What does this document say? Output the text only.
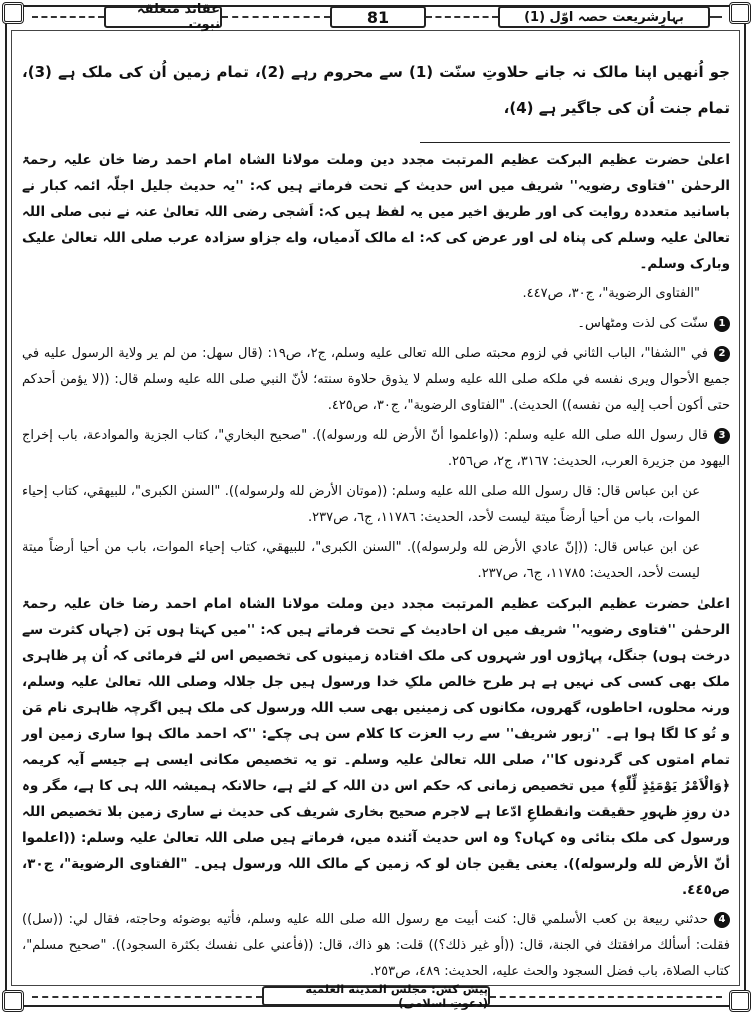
عقائد متعلقہ نبوت	81	بہارِشریعت حصہ اوّل (1)

جو اُنھیں اپنا مالک نہ جانے حلاوتِ سنّت (1) سے محروم رہے (2)، تمام زمین اُن کی ملک ہے (3)، تمام جنت اُن کی جاگیر ہے (4)،

اعلیٰ حضرت عظیم البرکت عظیم المرتبت مجدد دین وملت مولانا الشاہ امام احمد رضا خان علیہ رحمۃ الرحمٰن ''فتاوی رضویہ'' شریف میں اس حدیث کے تحت فرماتے ہیں کہ: ''یہ حدیث جلیل اجلّہ ائمہ کبار نے باسانید متعددہ روایت کی اور طریق اخیر میں یہ لفظ ہیں کہ: اَشجی رضی اللہ تعالیٰ عنہ نے نبی صلی اللہ تعالیٰ علیہ وسلم کی پناہ لی اور عرض کی کہ: اے مالک آدمیاں، واے جزاو سزادہ عرب صلی اللہ تعالیٰ علیک وبارک وسلم۔

"الفتاوى الرضوية"، ج٣٠، ص٤٤٧.

1سنّت کی لذت ومٹھاس۔

2في "الشفا"، الباب الثاني في لزوم محبته صلى الله تعالى عليه وسلم، ج٢، ص١٩: (قال سهل: من لم ير ولاية الرسول عليه في جميع الأحوال ويرى نفسه في ملكه صلى الله عليه وسلم لا يذوق حلاوة سنته؛ لأنّ النبي صلى الله عليه وسلم قال: ((لا يؤمن أحدكم حتى أكون أحب إليه من نفسه)) الحديث). "الفتاوى الرضوية"، ج٣٠، ص٤٢٥.

3قال رسول الله صلى الله عليه وسلم: ((واعلموا أنّ الأرض لله ورسوله)). "صحيح البخاري"، كتاب الجزية والموادعة، باب إخراج اليهود من جزيرة العرب، الحديث: ٣١٦٧، ج٢، ص٢٥٦.

عن ابن عباس قال: قال رسول الله صلى الله عليه وسلم: ((موتان الأرض لله ولرسوله)). "السنن الكبرى"، للبيهقي، كتاب إحياء الموات، باب من أحيا أرضاً ميتة ليست لأحد، الحديث: ١١٧٨٦، ج٦، ص٢٣٧.

عن ابن عباس قال: ((إنّ عادي الأرض لله ولرسوله)). "السنن الكبرى"، للبيهقي، كتاب إحياء الموات، باب من أحيا أرضاً ميتة ليست لأحد، الحديث: ١١٧٨٥، ج٦، ص٢٣٧.

اعلیٰ حضرت عظیم البرکت عظیم المرتبت مجدد دین وملت مولانا الشاہ امام احمد رضا خان علیہ رحمۃ الرحمٰن ''فتاوی رضویہ'' شریف میں ان احادیث کے تحت فرماتے ہیں کہ: ''میں کہتا ہوں بَن (جہاں کثرت سے درخت ہوں) جنگل، پہاڑوں اور شہروں کی ملک افتادہ زمینوں کی تخصیص اس لئے فرمائی کہ اُن پر ظاہری ملک بھی کسی کی نہیں ہے ہر طرح خالص ملکِ خدا ورسول ہیں جل جلالہ وصلی اللہ تعالیٰ علیہ وسلم، ورنہ محلوں، احاطوں، گھروں، مکانوں کی زمینیں بھی سب اللہ ورسول کی ملک ہیں اگرچہ ظاہری نام مَن و تُو کا لگا ہوا ہے۔ ''زبور شریف'' سے رب العزت کا کلام سن ہی چکے: ''کہ احمد مالک ہوا ساری زمین اور تمام امتوں کی گردنوں کا''، صلی اللہ تعالیٰ علیہ وسلم۔ تو یہ تخصیص مکانی ایسی ہے جیسے آیہ کریمہ ﴿وَالْاَمْرُ یَوْمَئِذٍ لِّلّٰهِ﴾ میں تخصیص زمانی کہ حکم اس دن اللہ کے لئے ہے، حالانکہ ہمیشہ اللہ ہی کا ہے، مگر وہ دن روزِ ظہورِ حقیقت وانقطاعِ ادّعا ہے لاجرم صحیح بخاری شریف کی حدیث نے ساری زمین بلا تخصیص اللہ ورسول کی ملک بتائی وہ کہاں؟ وہ اس حدیث آئندہ میں، فرماتے ہیں صلی اللہ تعالیٰ علیہ وسلم: ((اعلموا أنّ الأرض لله ولرسوله)). یعنی یقین جان لو کہ زمین کے مالک اللہ ورسول ہیں۔ "الفتاوى الرضوية"، ج٣٠، ص٤٤٥.

4حدثني ربيعة بن كعب الأسلمي قال: كنت أبيت مع رسول الله صلى الله عليه وسلم، فأتيه بوضوئه وحاجته، فقال لي: ((سل)) فقلت: أسألك مرافقتك في الجنة، قال: ((أو غير ذلك؟)) قلت: هو ذاك، قال: ((فأعني على نفسك بكثرة السجود)). "صحيح مسلم"، كتاب الصلاة، باب فضل السجود والحث عليه، الحديث: ٤٨٩، ص٢٥٣.

پیش کش: مجلس المدينة العلمية (دعوتِ اسلامی)
